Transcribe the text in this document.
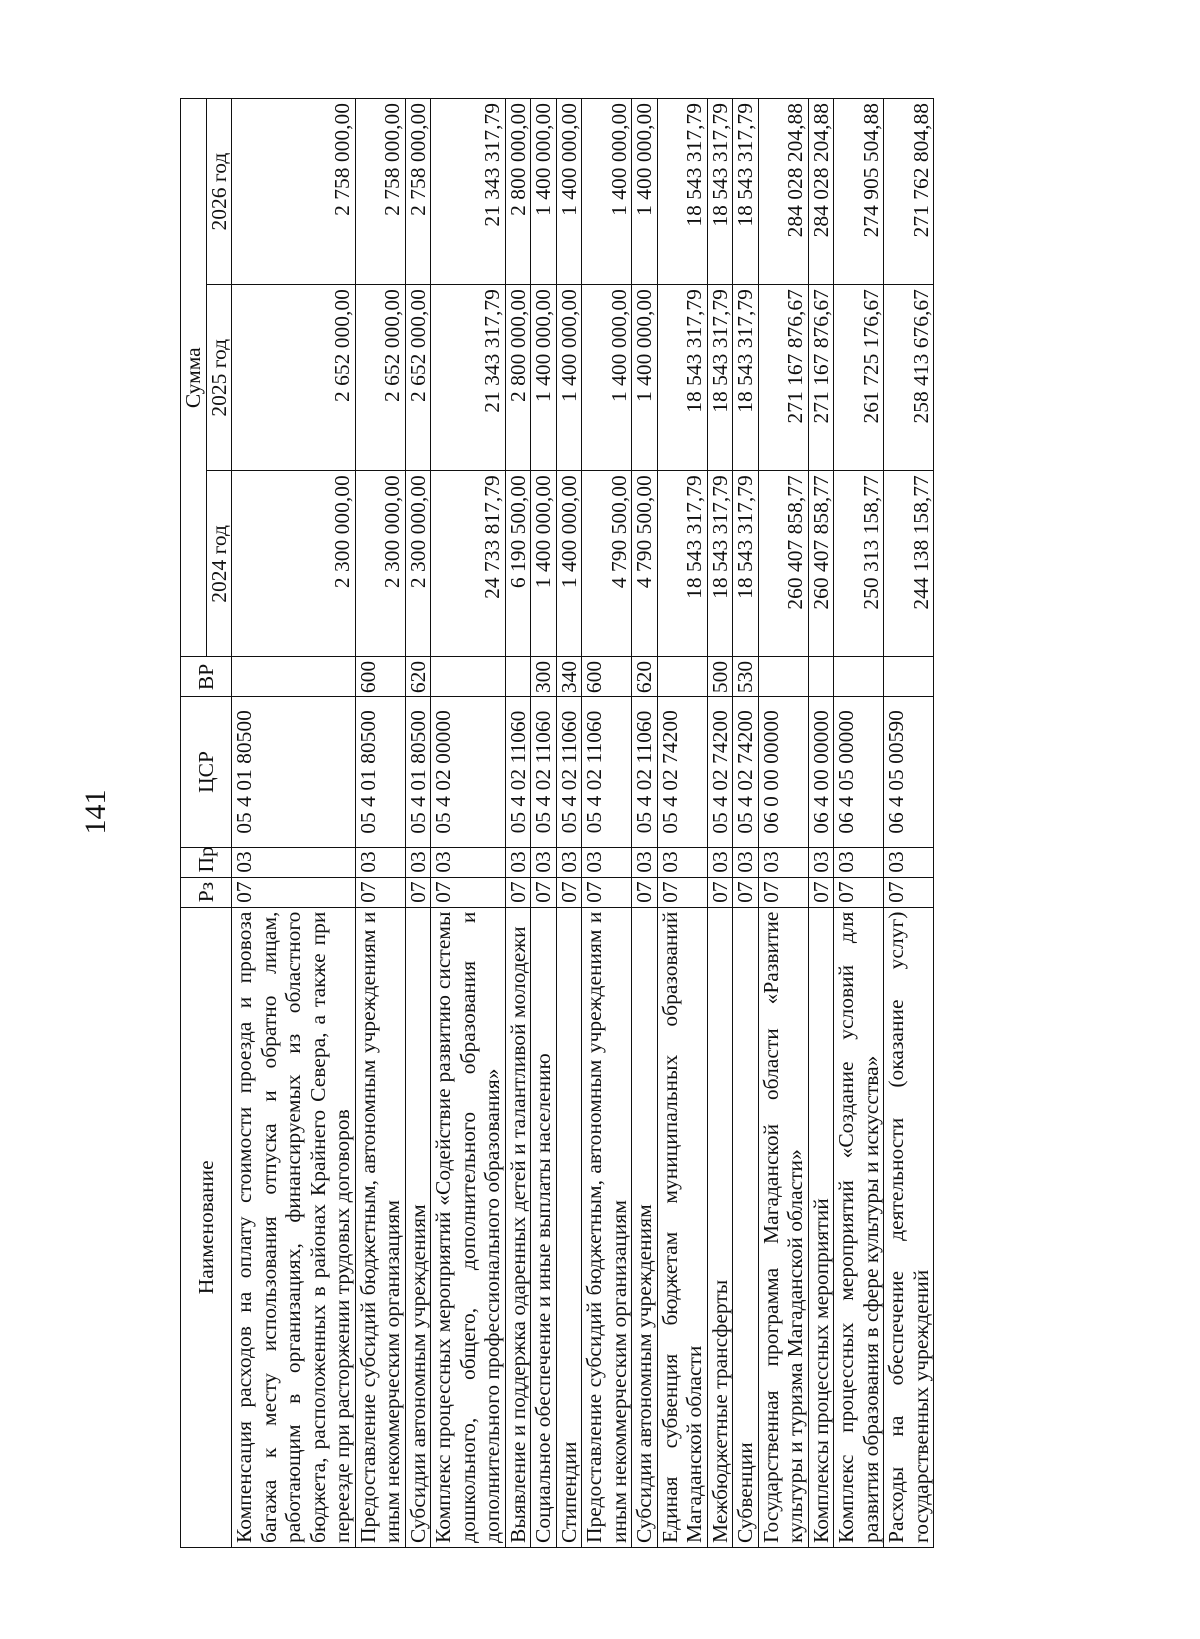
141
Наименование	Рз	Пр	ЦСР	ВР	Сумма		
					2024 год	2025 год	2026 год
Компенсация расходов на оплату стоимости проезда и провоза багажа к месту использования отпуска и обратно лицам, работающим в организациях, финансируемых из областного бюджета, расположенных в районах Крайнего Севера, а также при переезде при расторжении трудовых договоров	07	03	05 4 01 80500		2 300 000,00	2 652 000,00	2 758 000,00
Предоставление субсидий бюджетным, автономным учреждениям и иным некоммерческим организациям	07	03	05 4 01 80500	600	2 300 000,00	2 652 000,00	2 758 000,00
Субсидии автономным учреждениям	07	03	05 4 01 80500	620	2 300 000,00	2 652 000,00	2 758 000,00
Комплекс процессных мероприятий «Содействие развитию системы дошкольного, общего, дополнительного образования и дополнительного профессионального образования»	07	03	05 4 02 00000		24 733 817,79	21 343 317,79	21 343 317,79
Выявление и поддержка одаренных детей и талантливой молодежи	07	03	05 4 02 11060		6 190 500,00	2 800 000,00	2 800 000,00
Социальное обеспечение и иные выплаты населению	07	03	05 4 02 11060	300	1 400 000,00	1 400 000,00	1 400 000,00
Стипендии	07	03	05 4 02 11060	340	1 400 000,00	1 400 000,00	1 400 000,00
Предоставление субсидий бюджетным, автономным учреждениям и иным некоммерческим организациям	07	03	05 4 02 11060	600	4 790 500,00	1 400 000,00	1 400 000,00
Субсидии автономным учреждениям	07	03	05 4 02 11060	620	4 790 500,00	1 400 000,00	1 400 000,00
Единая субвенция бюджетам муниципальных образований Магаданской области	07	03	05 4 02 74200		18 543 317,79	18 543 317,79	18 543 317,79
Межбюджетные трансферты	07	03	05 4 02 74200	500	18 543 317,79	18 543 317,79	18 543 317,79
Субвенции	07	03	05 4 02 74200	530	18 543 317,79	18 543 317,79	18 543 317,79
Государственная программа Магаданской области «Развитие культуры и туризма Магаданской области»	07	03	06 0 00 00000		260 407 858,77	271 167 876,67	284 028 204,88
Комплексы процессных мероприятий	07	03	06 4 00 00000		260 407 858,77	271 167 876,67	284 028 204,88
Комплекс процессных мероприятий «Создание условий для развития образования в сфере культуры и искусства»	07	03	06 4 05 00000		250 313 158,77	261 725 176,67	274 905 504,88
Расходы на обеспечение деятельности (оказание услуг) государственных учреждений	07	03	06 4 05 00590		244 138 158,77	258 413 676,67	271 762 804,88
